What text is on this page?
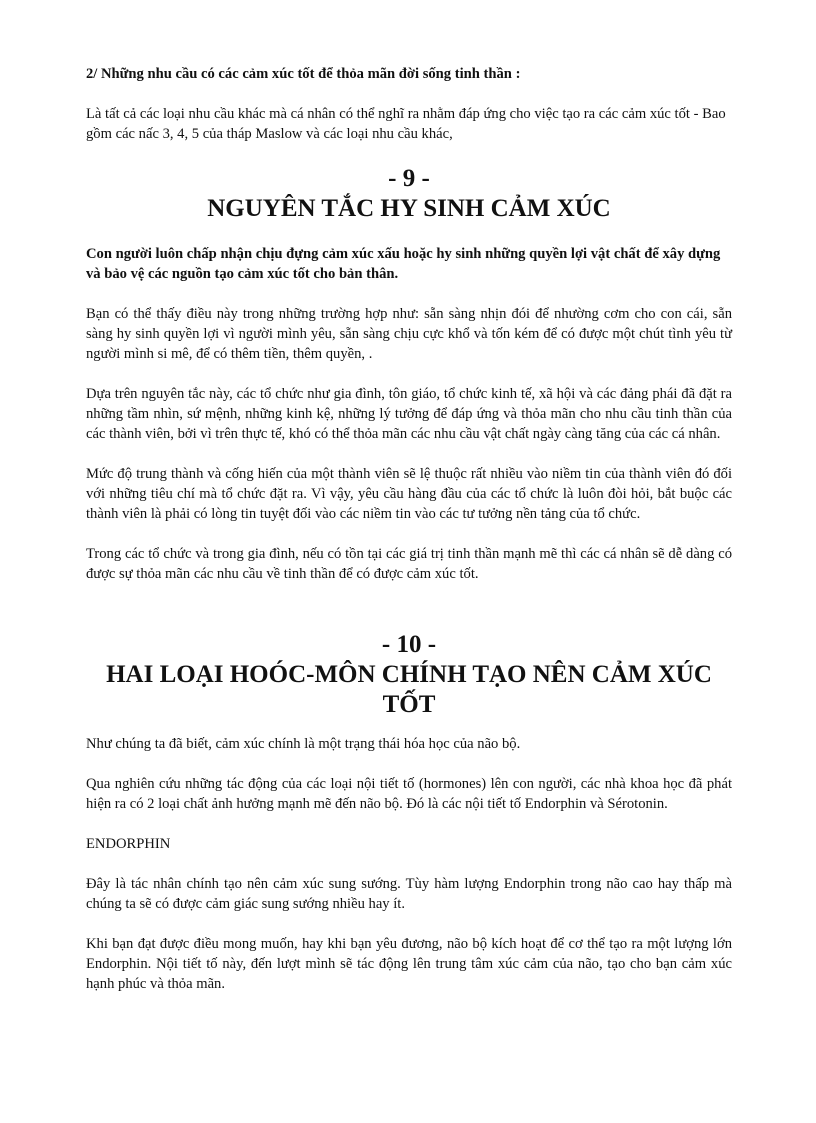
2/ Những nhu cầu có các cảm xúc tốt để thỏa mãn đời sống tinh thần :

Là tất cả các loại nhu cầu khác mà cá nhân có thể nghĩ ra nhằm đáp ứng cho việc tạo ra các cảm xúc tốt - Bao gồm các nấc 3, 4, 5 của tháp Maslow và các loại nhu cầu khác,

- 9 -
NGUYÊN TẮC HY SINH CẢM XÚC

Con người luôn chấp nhận chịu đựng cảm xúc xấu hoặc hy sinh những quyền lợi vật chất để xây dựng và bảo vệ các nguồn tạo cảm xúc tốt cho bản thân.

Bạn có thể thấy điều này trong những trường hợp như: sẵn sàng nhịn đói để nhường cơm cho con cái, sẵn sàng hy sinh quyền lợi vì người mình yêu, sẵn sàng chịu cực khổ và tốn kém để có được một chút tình yêu từ người mình si mê, để có thêm tiền, thêm quyền, .

Dựa trên nguyên tắc này, các tổ chức như gia đình, tôn giáo, tổ chức kinh tế, xã hội và các đảng phái đã đặt ra những tầm nhìn, sứ mệnh, những kinh kệ, những lý tưởng để đáp ứng và thỏa mãn cho nhu cầu tinh thần của các thành viên, bởi vì trên thực tế, khó có thể thỏa mãn các nhu cầu vật chất ngày càng tăng của các cá nhân.

Mức độ trung thành và cống hiến của một thành viên sẽ lệ thuộc rất nhiều vào niềm tin của thành viên đó đối với những tiêu chí mà tổ chức đặt ra. Vì vậy, yêu cầu hàng đầu của các tổ chức là luôn đòi hỏi, bắt buộc các thành viên là phải có lòng tin tuyệt đối vào các niềm tin vào các tư tưởng nền tảng của tổ chức.

Trong các tổ chức và trong gia đình, nếu có tồn tại các giá trị tinh thần mạnh mẽ thì các cá nhân sẽ dễ dàng có được sự thỏa mãn các nhu cầu về tinh thần để có được cảm xúc tốt.

- 10 -
HAI LOẠI HOÓC-MÔN CHÍNH TẠO NÊN CẢM XÚC TỐT

Như chúng ta đã biết, cảm xúc chính là một trạng thái hóa học của não bộ.

Qua nghiên cứu những tác động của các loại nội tiết tố (hormones) lên con người, các nhà khoa học đã phát hiện ra có 2 loại chất ảnh hưởng mạnh mẽ đến não bộ. Đó là các nội tiết tố Endorphin và Sérotonin.

ENDORPHIN

Đây là tác nhân chính tạo nên cảm xúc sung sướng. Tùy hàm lượng Endorphin trong não cao hay thấp mà chúng ta sẽ có được cảm giác sung sướng nhiều hay ít.

Khi bạn đạt được điều mong muốn, hay khi bạn yêu đương, não bộ kích hoạt để cơ thể tạo ra một lượng lớn Endorphin. Nội tiết tố này, đến lượt mình sẽ tác động lên trung tâm xúc cảm của não, tạo cho bạn cảm xúc hạnh phúc và thỏa mãn.
